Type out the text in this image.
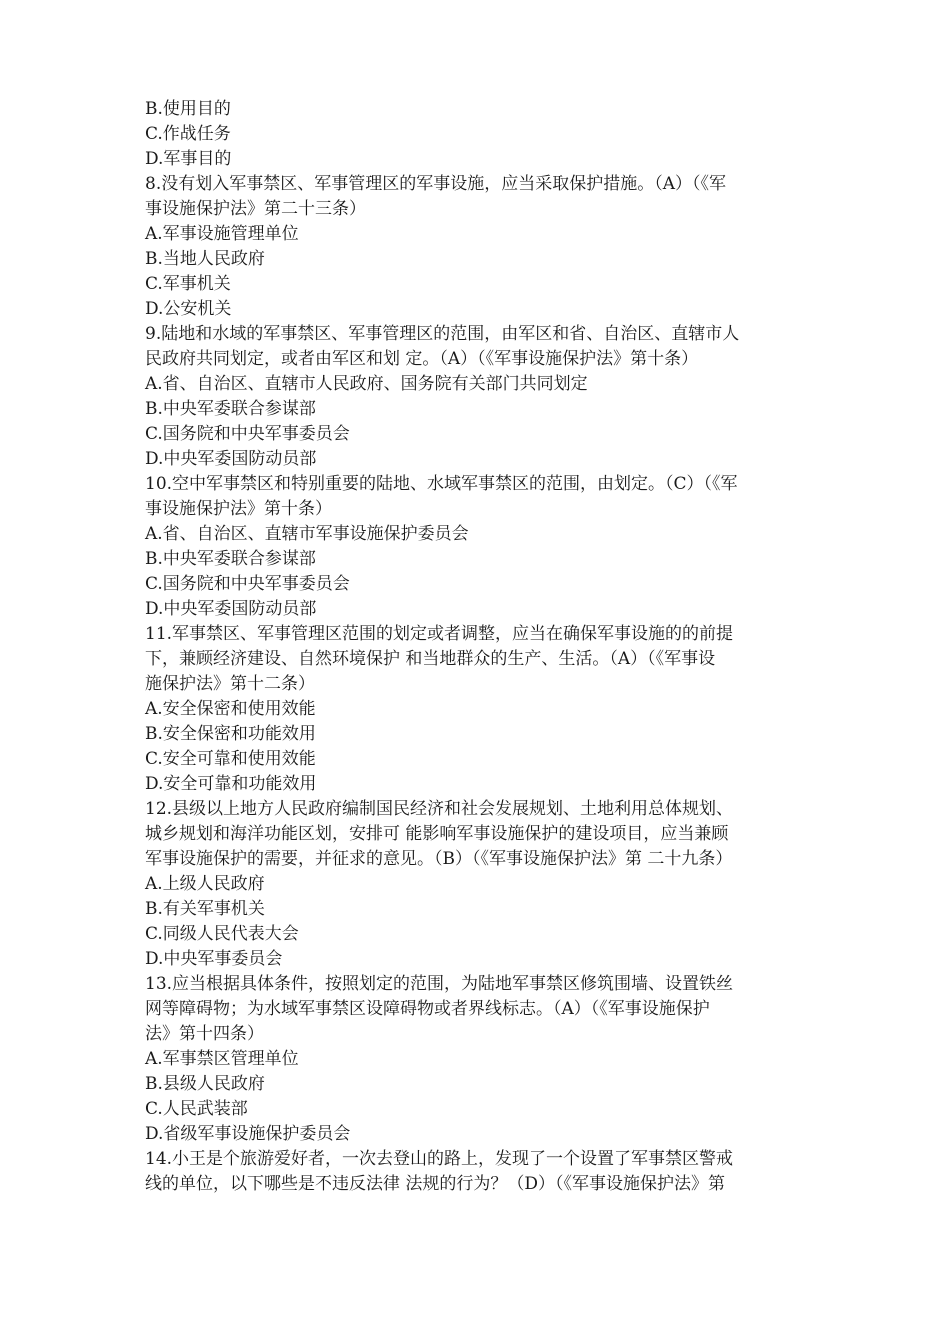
B.使用目的
C.作战任务
D.军事目的
8.没有划入军事禁区、军事管理区的军事设施，应当采取保护措施。（A）（《军
事设施保护法》第二十三条）
A.军事设施管理单位
B.当地人民政府
C.军事机关
D.公安机关
9.陆地和水域的军事禁区、军事管理区的范围，由军区和省、自治区、直辖市人
民政府共同划定，或者由军区和划 定。（A）（《军事设施保护法》第十条）
A.省、自治区、直辖市人民政府、国务院有关部门共同划定
B.中央军委联合参谋部
C.国务院和中央军事委员会
D.中央军委国防动员部
10.空中军事禁区和特别重要的陆地、水域军事禁区的范围，由划定。（C）（《军
事设施保护法》第十条）
A.省、自治区、直辖市军事设施保护委员会
B.中央军委联合参谋部
C.国务院和中央军事委员会
D.中央军委国防动员部
11.军事禁区、军事管理区范围的划定或者调整，应当在确保军事设施的的前提
下，兼顾经济建设、自然环境保护 和当地群众的生产、生活。（A）（《军事设
施保护法》第十二条）
A.安全保密和使用效能
B.安全保密和功能效用
C.安全可靠和使用效能
D.安全可靠和功能效用
12.县级以上地方人民政府编制国民经济和社会发展规划、土地利用总体规划、
城乡规划和海洋功能区划，安排可 能影响军事设施保护的建设项目，应当兼顾
军事设施保护的需要，并征求的意见。（B）（《军事设施保护法》第 二十九条）
A.上级人民政府
B.有关军事机关
C.同级人民代表大会
D.中央军事委员会
13.应当根据具体条件，按照划定的范围，为陆地军事禁区修筑围墙、设置铁丝
网等障碍物；为水域军事禁区设障碍物或者界线标志。（A）（《军事设施保护
法》第十四条）
A.军事禁区管理单位
B.县级人民政府
C.人民武装部
D.省级军事设施保护委员会
14.小王是个旅游爱好者，一次去登山的路上，发现了一个设置了军事禁区警戒
线的单位，以下哪些是不违反法律 法规的行为？（D）（《军事设施保护法》第
